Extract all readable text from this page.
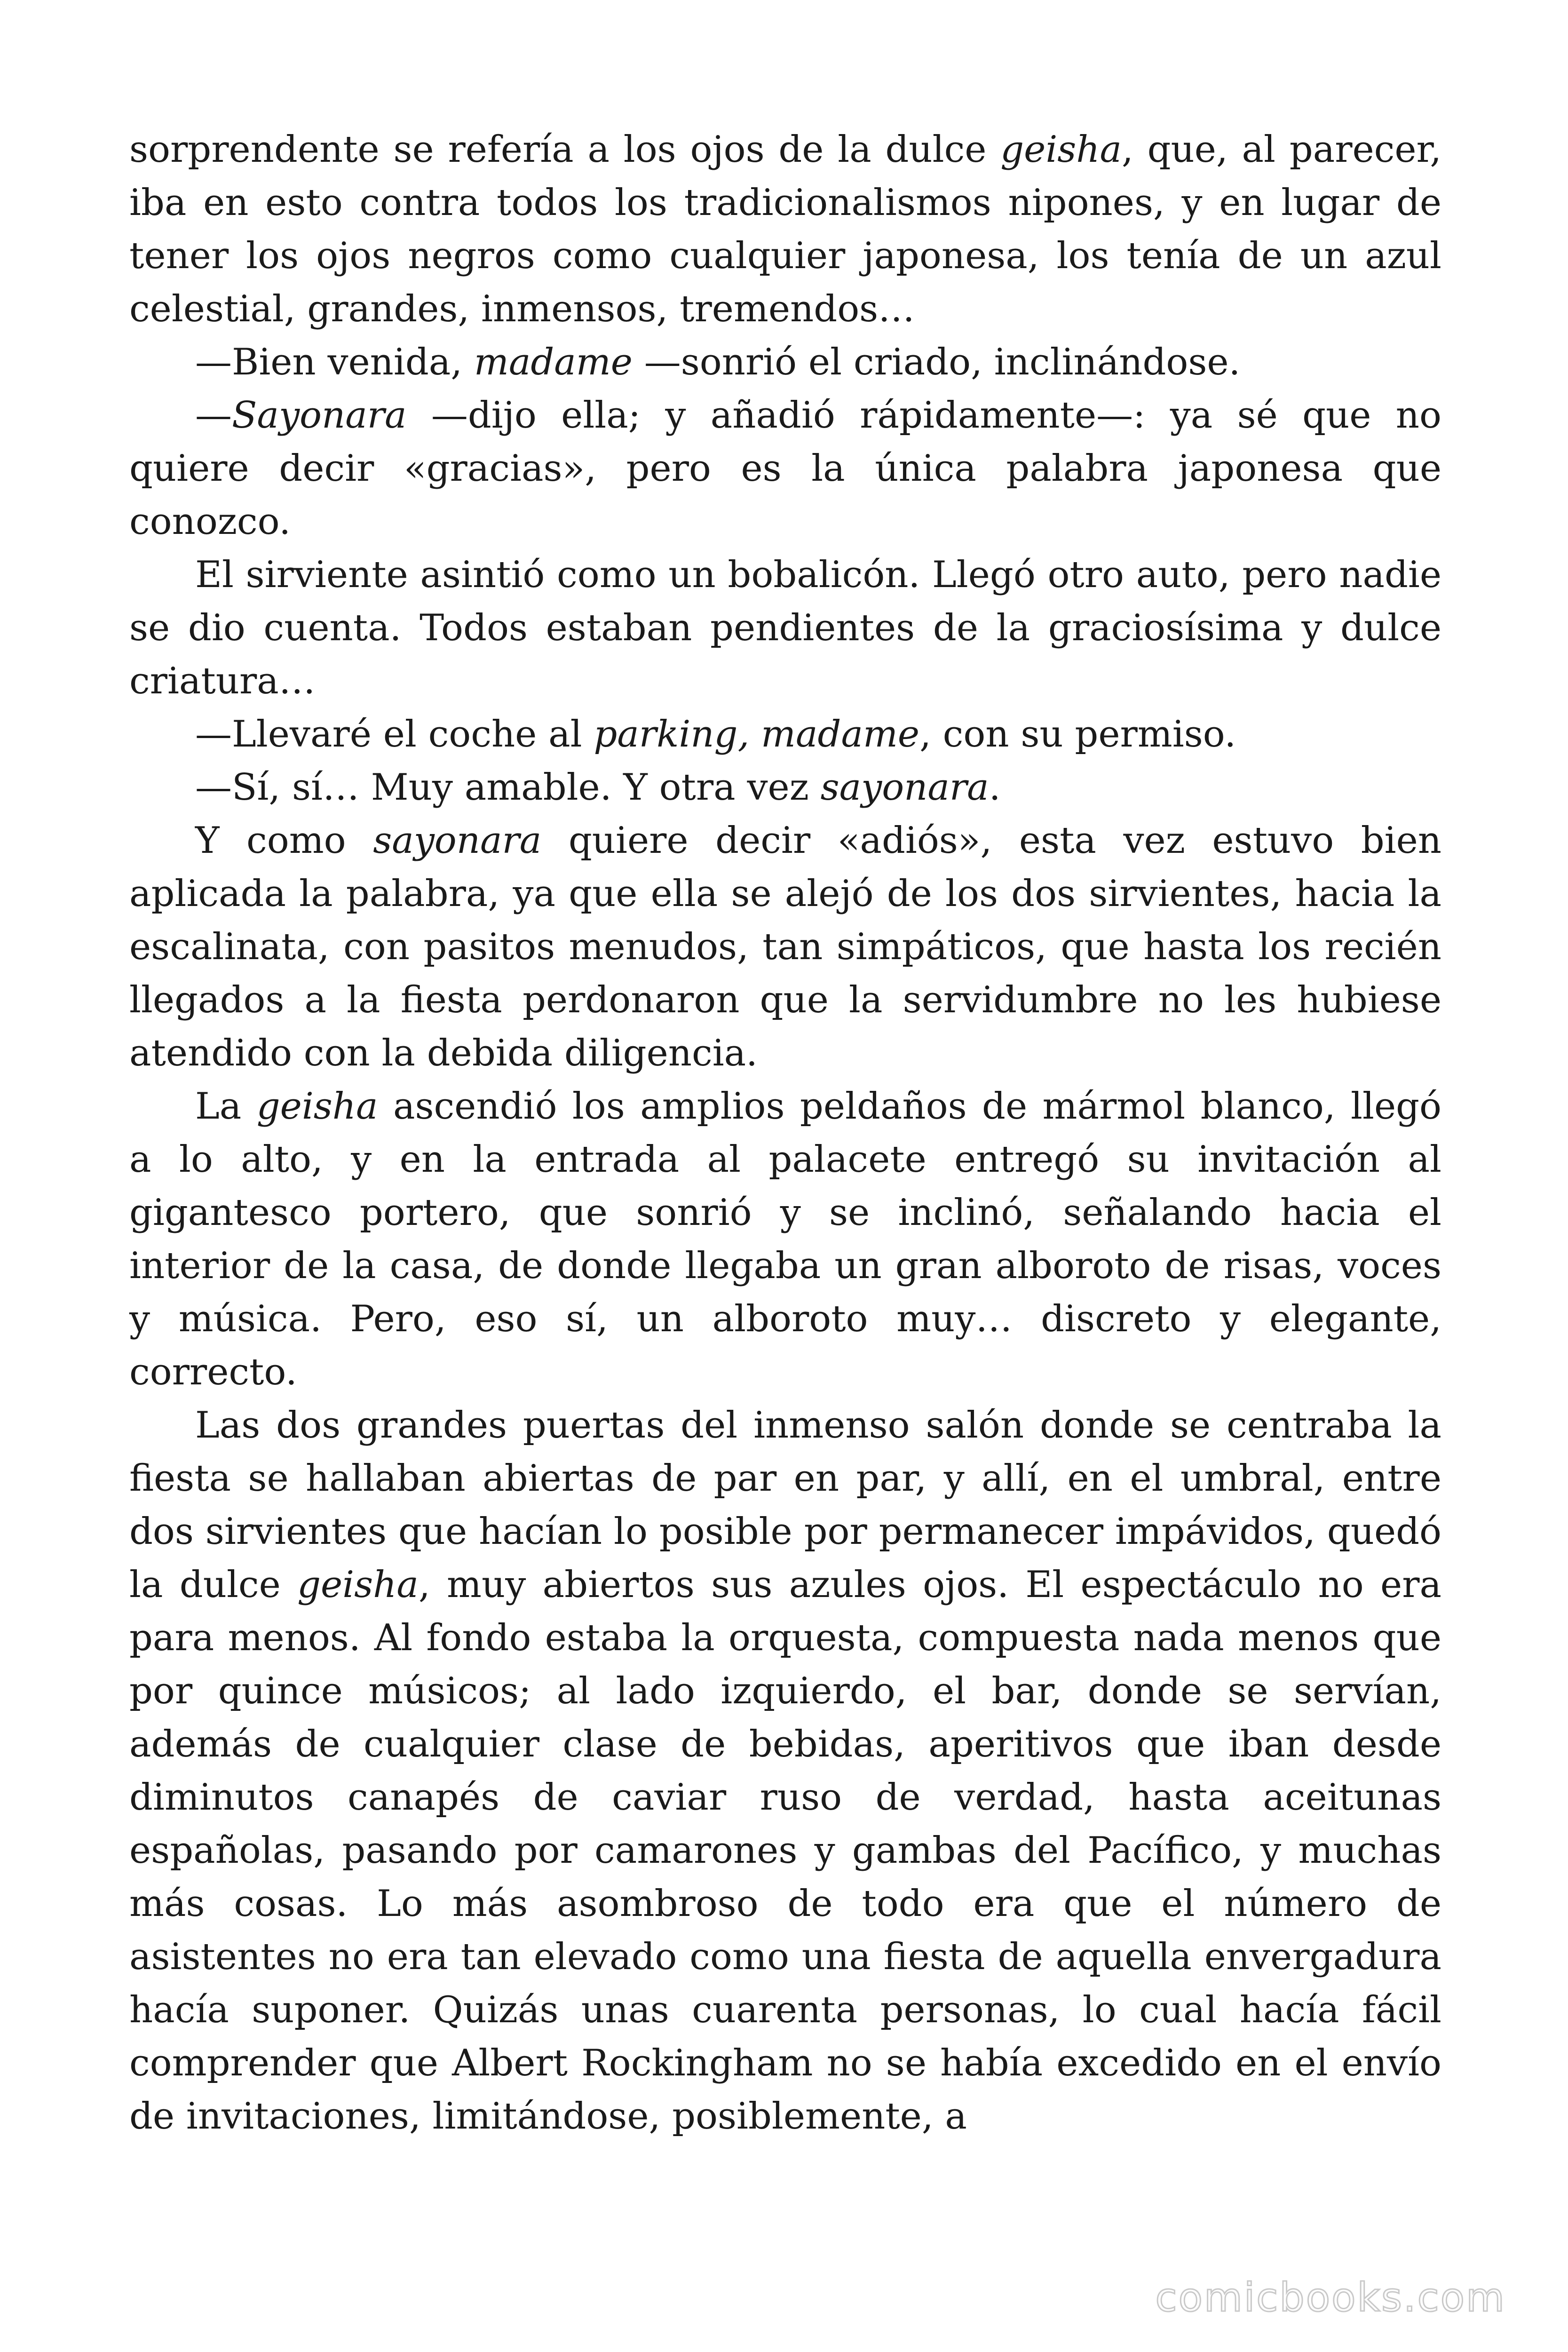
sorprendente se refería a los ojos de la dulce geisha, que, al parecer, iba en esto contra todos los tradicionalismos nipones, y en lugar de tener los ojos negros como cualquier japonesa, los tenía de un azul celestial, grandes, inmensos, tremendos…

—Bien venida, madame —sonrió el criado, inclinándose.

—Sayonara —dijo ella; y añadió rápidamente—: ya sé que no quiere decir «gracias», pero es la única palabra japonesa que conozco.

El sirviente asintió como un bobalicón. Llegó otro auto, pero nadie se dio cuenta. Todos estaban pendientes de la graciosísima y dulce criatura…

—Llevaré el coche al parking, madame, con su permiso.

—Sí, sí… Muy amable. Y otra vez sayonara.

Y como sayonara quiere decir «adiós», esta vez estuvo bien aplicada la palabra, ya que ella se alejó de los dos sirvientes, hacia la escalinata, con pasitos menudos, tan simpáticos, que hasta los recién llegados a la fiesta perdonaron que la servidumbre no les hubiese atendido con la debida diligencia.

La geisha ascendió los amplios peldaños de mármol blanco, llegó a lo alto, y en la entrada al palacete entregó su invitación al gigantesco portero, que sonrió y se inclinó, señalando hacia el interior de la casa, de donde llegaba un gran alboroto de risas, voces y música. Pero, eso sí, un alboroto muy… discreto y elegante, correcto.

Las dos grandes puertas del inmenso salón donde se centraba la fiesta se hallaban abiertas de par en par, y allí, en el umbral, entre dos sirvientes que hacían lo posible por permanecer impávidos, quedó la dulce geisha, muy abiertos sus azules ojos. El espectáculo no era para menos. Al fondo estaba la orquesta, compuesta nada menos que por quince músicos; al lado izquierdo, el bar, donde se servían, además de cualquier clase de bebidas, aperitivos que iban desde diminutos canapés de caviar ruso de verdad, hasta aceitunas españolas, pasando por camarones y gambas del Pacífico, y muchas más cosas. Lo más asombroso de todo era que el número de asistentes no era tan elevado como una fiesta de aquella envergadura hacía suponer. Quizás unas cuarenta personas, lo cual hacía fácil comprender que Albert Rockingham no se había excedido en el envío de invitaciones, limitándose, posiblemente, a

comicbooks.com
